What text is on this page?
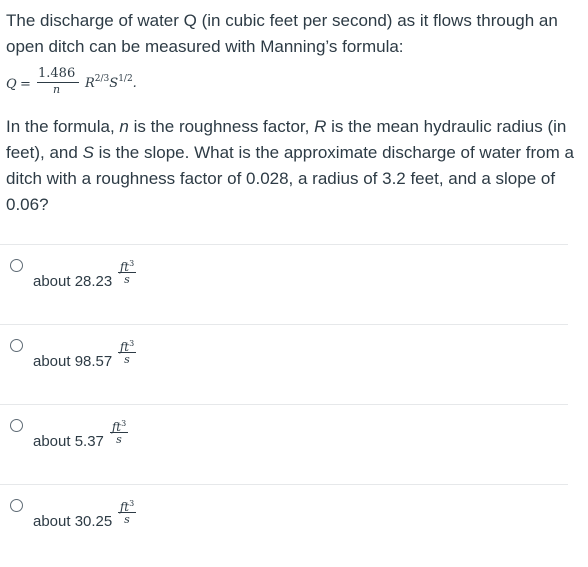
The discharge of water Q (in cubic feet per second) as it flows through an open ditch can be measured with Manning’s formula:

Q =
1.486
n $R^{2/3}S^{1/2}$.
In the formula, n is the roughness factor, R is the mean hydraulic radius (in feet), and S is the slope. What is the approximate discharge of water from a ditch with a roughness factor of 0.028, a radius of 3.2 feet, and a slope of 0.06?
about 28.23
$ft^3$
s
about 98.57
$ft^3$
s
about 5.37
$ft^3$
s
about 30.25
$ft^3$
s
